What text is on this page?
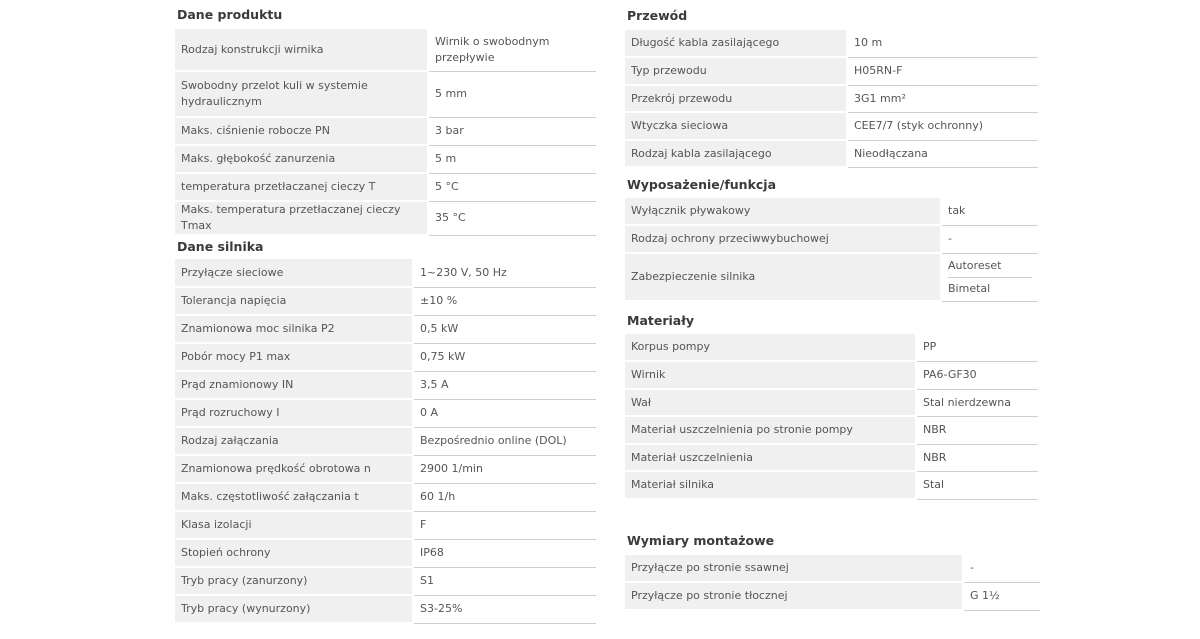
Dane produktu
Rodzaj konstrukcji wirnika	Wirnik o swobodnym przepływie
Swobodny przelot kuli w systemie hydraulicznym	5 mm
Maks. ciśnienie robocze PN	3 bar
Maks. głębokość zanurzenia	5 m
temperatura przetłaczanej cieczy T	5 °C
Maks. temperatura przetłaczanej cieczy Tmax	35 °C
Dane silnika
Przyłącze sieciowe	1~230 V, 50 Hz
Tolerancja napięcia	±10 %
Znamionowa moc silnika P2	0,5 kW
Pobór mocy P1 max	0,75 kW
Prąd znamionowy IN	3,5 A
Prąd rozruchowy I	0 A
Rodzaj załączania	Bezpośrednio online (DOL)
Znamionowa prędkość obrotowa n	2900 1/min
Maks. częstotliwość załączania t	60 1/h
Klasa izolacji	F
Stopień ochrony	IP68
Tryb pracy (zanurzony)	S1
Tryb pracy (wynurzony)	S3-25%
Przewód
Długość kabla zasilającego	10 m
Typ przewodu	H05RN-F
Przekrój przewodu	3G1 mm²
Wtyczka sieciowa	CEE7/7 (styk ochronny)
Rodzaj kabla zasilającego	Nieodłączana
Wyposażenie/funkcja
Wyłącznik pływakowy	tak
Rodzaj ochrony przeciwwybuchowej	-
Zabezpieczenie silnika	Autoreset
Bimetal
Materiały
Korpus pompy	PP
Wirnik	PA6-GF30
Wał	Stal nierdzewna
Materiał uszczelnienia po stronie pompy	NBR
Materiał uszczelnienia	NBR
Materiał silnika	Stal
Wymiary montażowe
Przyłącze po stronie ssawnej	-
Przyłącze po stronie tłocznej	G 1½
